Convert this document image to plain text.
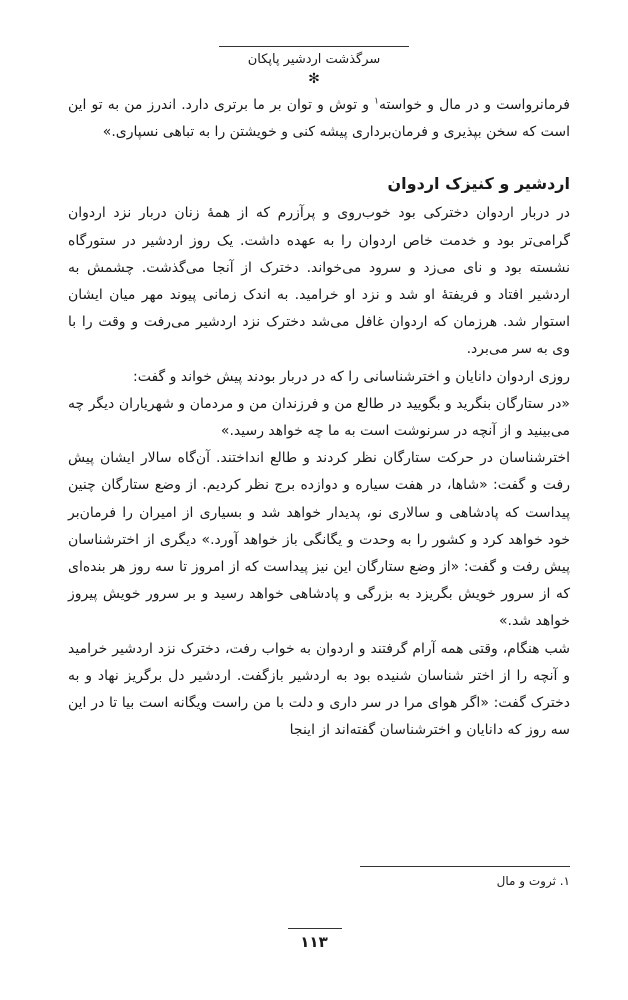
سرگذشت اردشیر پاپکان
✻

فرمانرواست و در مال و خواسته$^۱$ و توش و توان بر ما برتری دارد. اندرز من به تو این است که سخن بپذیری و فرمان‌برداری پیشه کنی و خویشتن را به تباهی نسپاری.»

اردشیر و کنیزک اردوان

در دربار اردوان دخترکی بود خوب‌روی و پرآزرم که از همهٔ زنان دربار نزد اردوان گرامی‌تر بود و خدمت خاص اردوان را به عهده داشت. یک روز اردشیر در ستورگاه نشسته بود و نای می‌زد و سرود می‌خواند. دخترک از آنجا می‌گذشت. چشمش به اردشیر افتاد و فریفتهٔ او شد و نزد او خرامید. به اندک زمانی پیوند مهر میان ایشان استوار شد. هرزمان که اردوان غافل می‌شد دخترک نزد اردشیر می‌رفت و وقت را با وی به سر می‌برد.

روزی اردوان دانایان و اخترشناسانی را که در دربار بودند پیش خواند و گفت:

«در ستارگان بنگرید و بگویید در طالع من و فرزندان من و مردمان و شهریاران دیگر چه می‌بینید و از آنچه در سرنوشت است به ما چه خواهد رسید.»

اخترشناسان در حرکت ستارگان نظر کردند و طالع انداختند. آن‌گاه سالار ایشان پیش رفت و گفت: «شاها، در هفت سیاره و دوازده برج نظر کردیم. از وضع ستارگان چنین پیداست که پادشاهی و سالاری نو، پدیدار خواهد شد و بسیاری از امیران را فرمان‌بر خود خواهد کرد و کشور را به وحدت و یگانگی باز خواهد آورد.» دیگری از اخترشناسان پیش رفت و گفت: «از وضع ستارگان این نیز پیداست که از امروز تا سه روز هر بنده‌ای که از سرور خویش بگریزد به بزرگی و پادشاهی خواهد رسید و بر سرور خویش پیروز خواهد شد.»

شب هنگام، وقتی همه آرام گرفتند و اردوان به خواب رفت، دخترک نزد اردشیر خرامید و آنچه را از اختر شناسان شنیده بود به اردشیر بازگفت. اردشیر دل برگریز نهاد و به دخترک گفت: «اگر هوای مرا در سر داری و دلت با من راست ویگانه است بیا تا در این سه روز که دانایان و اخترشناسان گفته‌اند از اینجا

۱. ثروت و مال
۱۱۳
